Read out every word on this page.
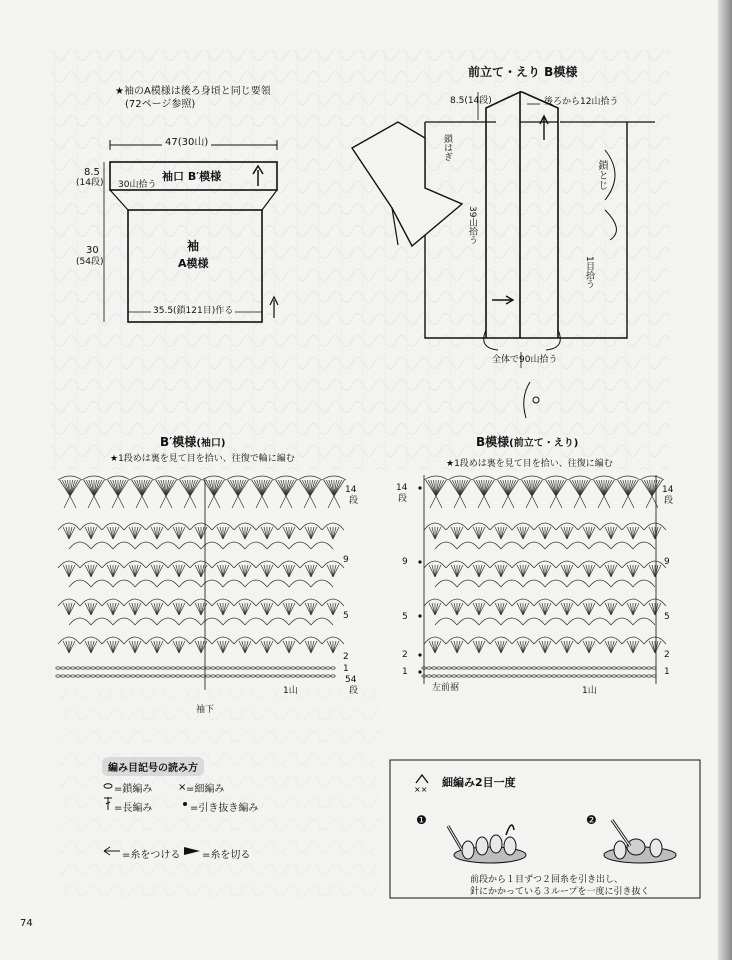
★袖のA模様は後ろ身頃と同じ要領
(72ページ参照)
47(30山)
8.5
(14段)	袖口 B′模様
30山拾う
30
(54段)
袖
A模様
35.5(鎖121目)作る
前立て・えり B模様
8.5(14段)	後ろから12山拾う
鎖はぎ
39山拾う
鎖とじ
1目拾う
全体で90山拾う
B′模様(袖口)
★1段めは裏を見て目を拾い、往復で輪に編む
B模様(前立て・えり)
★1段めは裏を見て目を拾い、往復に編む
14
段
9
5
2
1
54
段
1山
袖下
14
段
14
段
9	9
5	5
2	2
1	1
左前裾	1山
編み目記号の読み方
×
=鎖編み	=細編み
=長編み	=引き抜き編み
=糸をつける =糸を切る
××
細編み2目一度
❶	❷
前段から１目ずつ２回糸を引き出し、
針にかかっている３ループを一度に引き抜く
74
